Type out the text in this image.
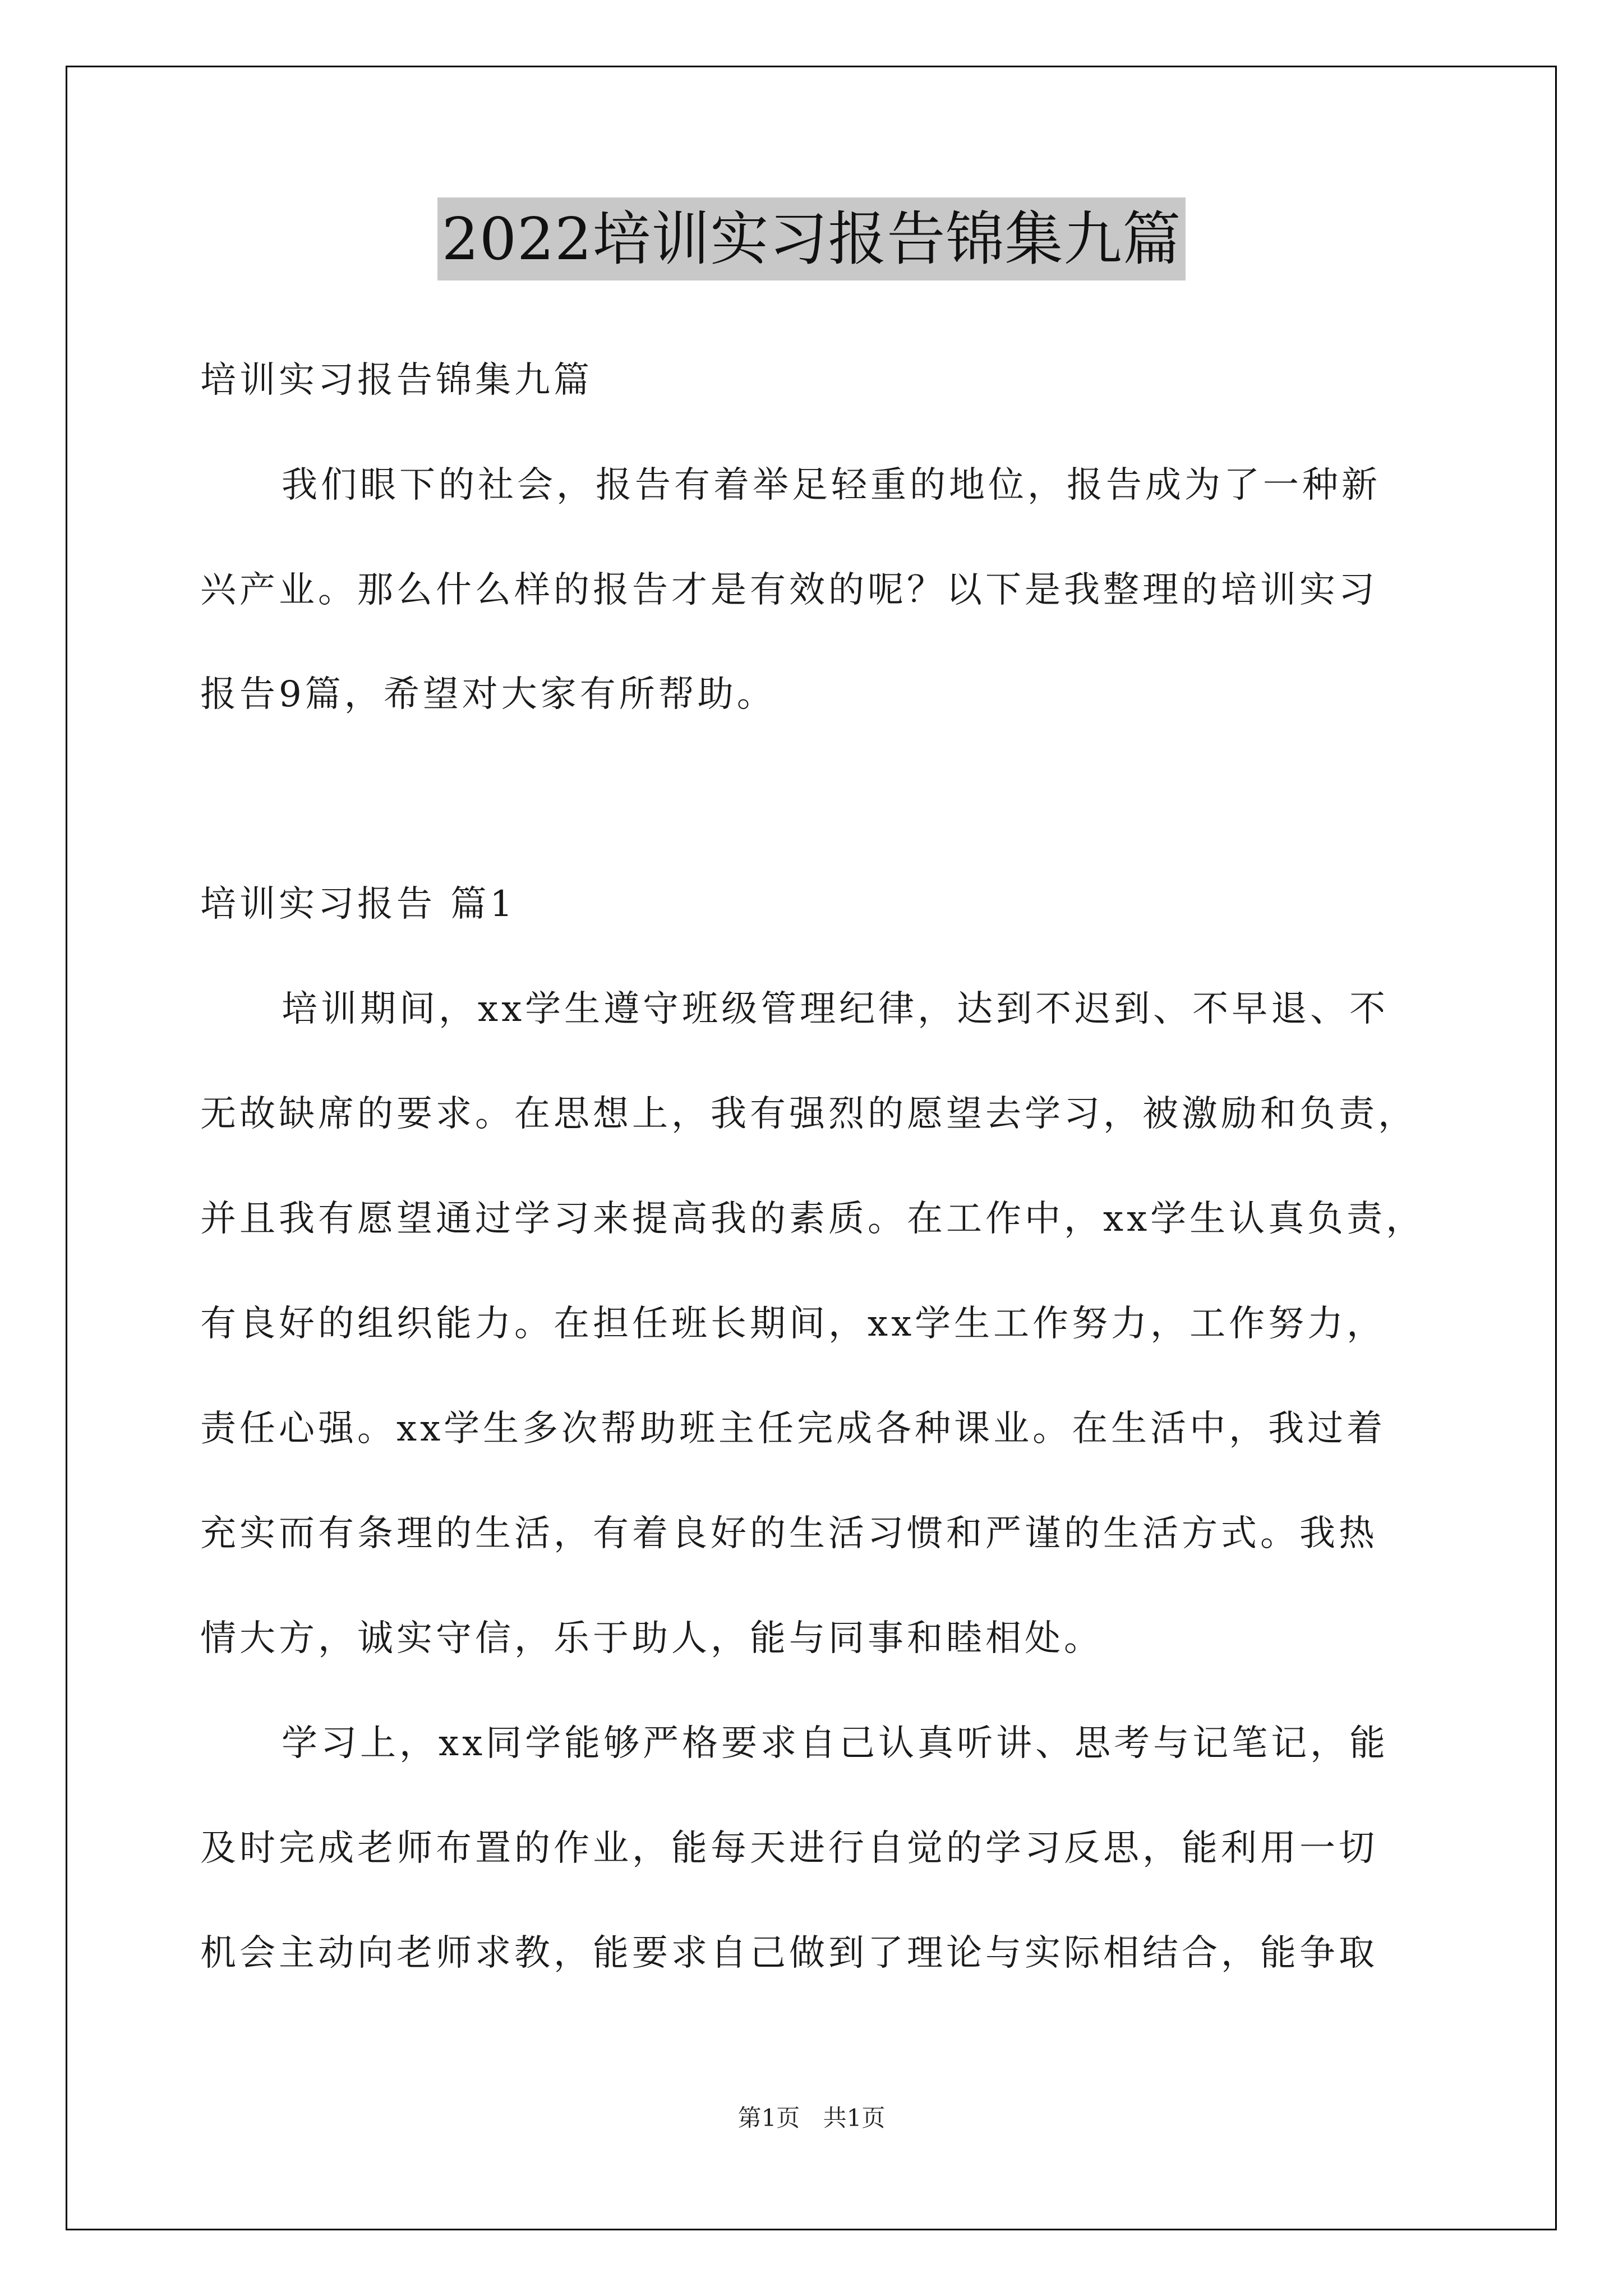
2022培训实习报告锦集九篇
培训实习报告锦集九篇
我们眼下的社会，报告有着举足轻重的地位，报告成为了一种新
兴产业。那么什么样的报告才是有效的呢？以下是我整理的培训实习
报告9篇，希望对大家有所帮助。
培训实习报告 篇1
培训期间，xx学生遵守班级管理纪律，达到不迟到、不早退、不
无故缺席的要求。在思想上，我有强烈的愿望去学习，被激励和负责，
并且我有愿望通过学习来提高我的素质。在工作中，xx学生认真负责，
有良好的组织能力。在担任班长期间，xx学生工作努力，工作努力，
责任心强。xx学生多次帮助班主任完成各种课业。在生活中，我过着
充实而有条理的生活，有着良好的生活习惯和严谨的生活方式。我热
情大方，诚实守信，乐于助人，能与同事和睦相处。
学习上，xx同学能够严格要求自己认真听讲、思考与记笔记，能
及时完成老师布置的作业，能每天进行自觉的学习反思，能利用一切
机会主动向老师求教，能要求自己做到了理论与实际相结合，能争取
第1页 共1页
